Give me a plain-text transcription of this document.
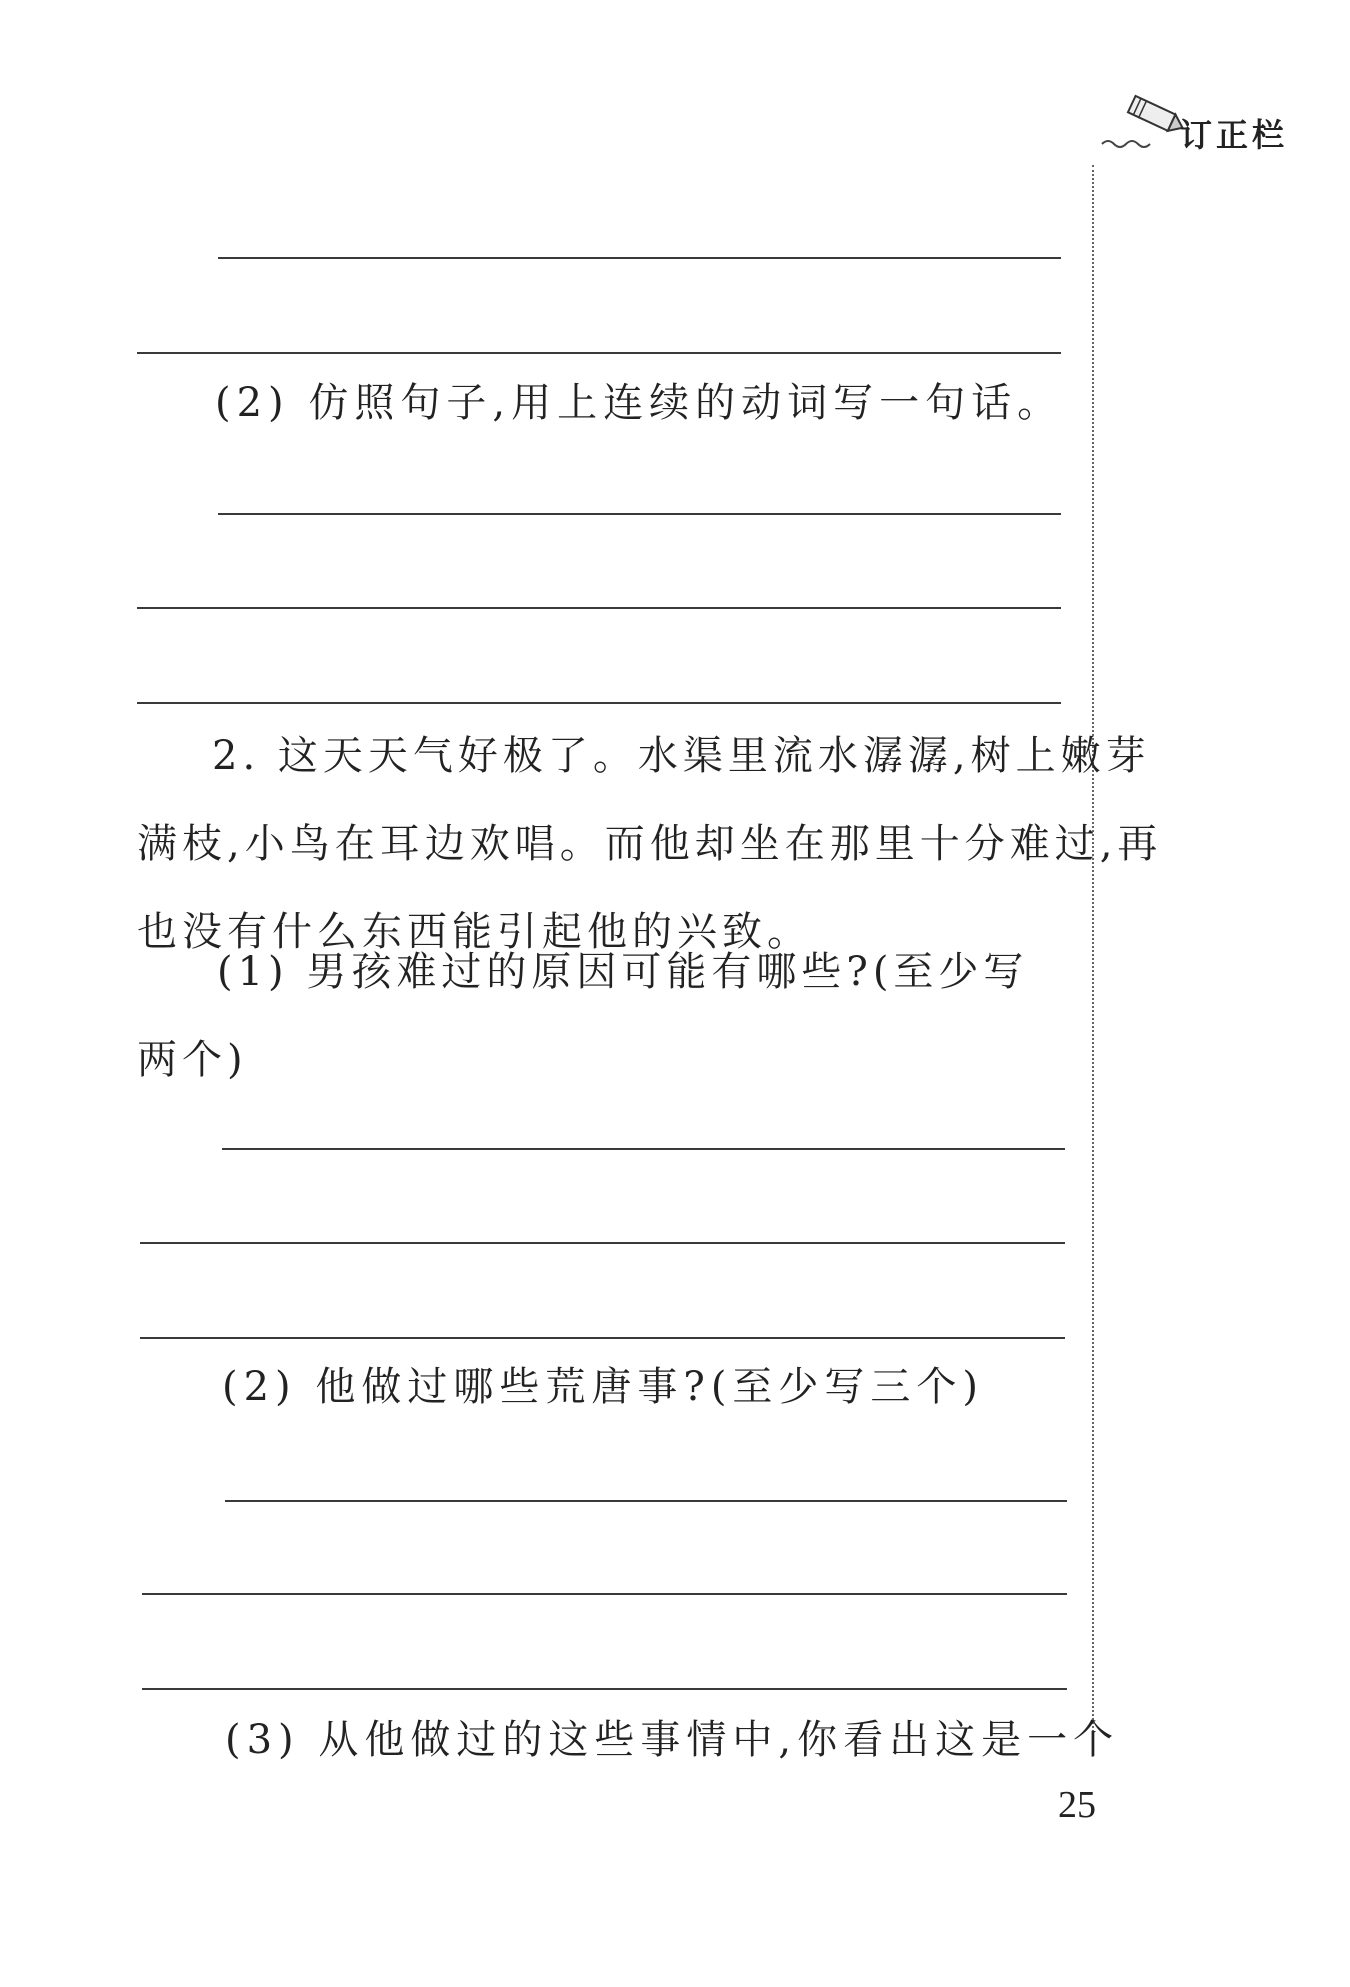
订正栏
(2) 仿照句子,用上连续的动词写一句话。
2. 这天天气好极了。水渠里流水潺潺,树上嫩芽
满枝,小鸟在耳边欢唱。而他却坐在那里十分难过,再
也没有什么东西能引起他的兴致。
(1) 男孩难过的原因可能有哪些?(至少写
两个)
(2) 他做过哪些荒唐事?(至少写三个)
(3) 从他做过的这些事情中,你看出这是一个
25
